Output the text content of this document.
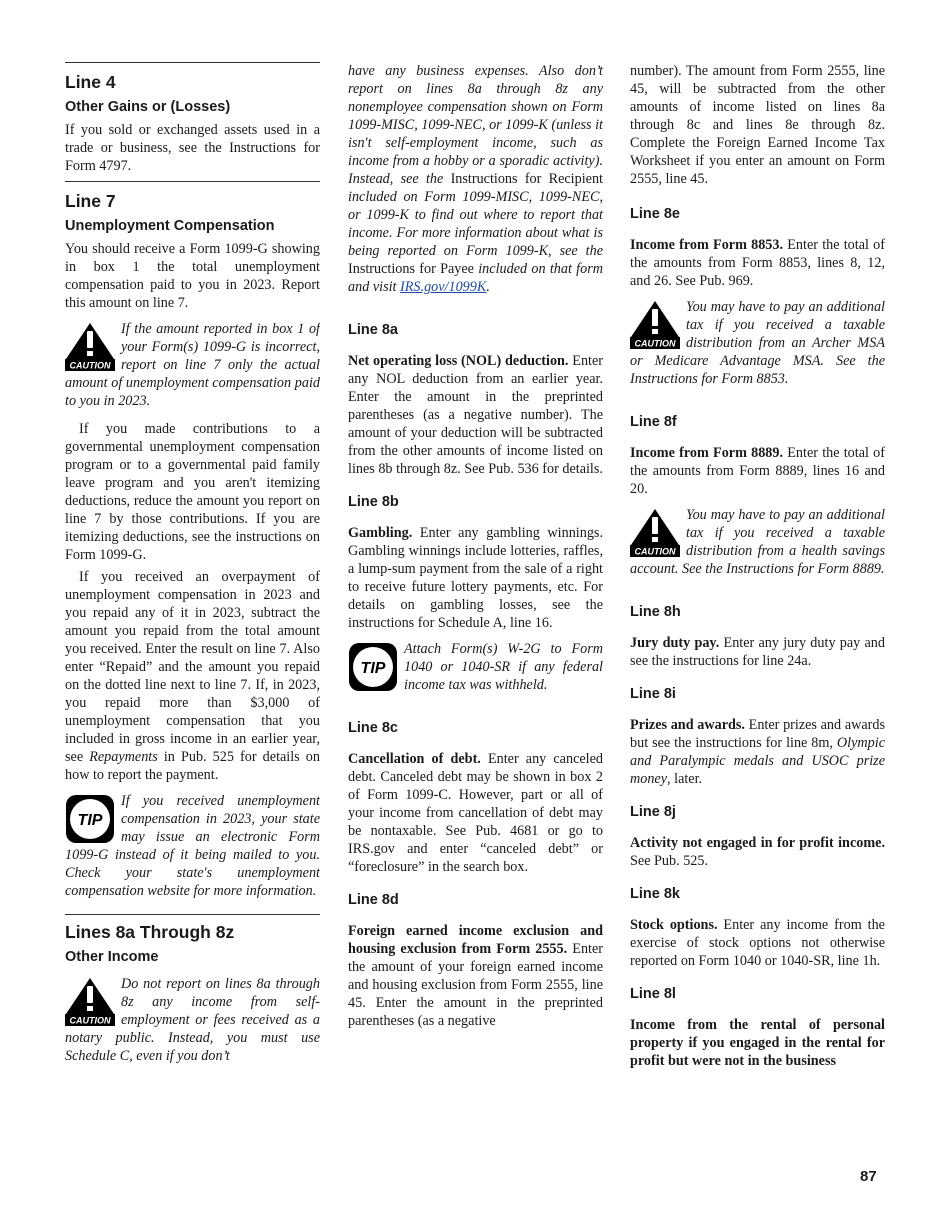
Line 4
Other Gains or (Losses)

If you sold or exchanged assets used in a trade or business, see the Instructions for Form 4797.

Line 7
Unemployment Compensation

You should receive a Form 1099-G showing in box 1 the total unemployment compensation paid to you in 2023. Report this amount on line 7.

If the amount reported in box 1 of your Form(s) 1099-G is incorrect, report on line 7 only the actual amount of unemployment compensation paid to you in 2023.

If you made contributions to a governmental unemployment compensation program or to a governmental paid family leave program and you aren't itemizing deductions, reduce the amount you report on line 7 by those contributions. If you are itemizing deductions, see the instructions on Form 1099-G.

If you received an overpayment of unemployment compensation in 2023 and you repaid any of it in 2023, subtract the amount you repaid from the total amount you received. Enter the result on line 7. Also enter “Repaid” and the amount you repaid on the dotted line next to line 7. If, in 2023, you repaid more than $3,000 of unemployment compensation that you included in gross income in an earlier year, see Repayments in Pub. 525 for details on how to report the payment.

TIP
If you received unemployment compensation in 2023, your state may issue an electronic Form 1099-G instead of it being mailed to you. Check your state's unemployment compensation website for more information.
Lines 8a Through 8z
Other Income
Do not report on lines 8a through 8z any income from self-employment or fees received as a notary public. Instead, you must use Schedule C, even if you don’t

have any business expenses. Also don’t report on lines 8a through 8z any nonemployee compensation shown on Form 1099-MISC, 1099-NEC, or 1099-K (unless it isn't self-employment income, such as income from a hobby or a sporadic activity). Instead, see the Instructions for Recipient included on Form 1099-MISC, 1099-NEC, or 1099-K to find out where to report that income. For more information about what is being reported on Form 1099-K, see the Instructions for Payee included on that form and visit IRS.gov/1099K.

Line 8a

Net operating loss (NOL) deduction. Enter any NOL deduction from an earlier year. Enter the amount in the preprinted parentheses (as a negative number). The amount of your deduction will be subtracted from the other amounts of income listed on lines 8b through 8z. See Pub. 536 for details.

Line 8b

Gambling. Enter any gambling winnings. Gambling winnings include lotteries, raffles, a lump-sum payment from the sale of a right to receive future lottery payments, etc. For details on gambling losses, see the instructions for Schedule A, line 16.

TIP
Attach Form(s) W-2G to Form 1040 or 1040-SR if any federal income tax was withheld.
Line 8c

Cancellation of debt. Enter any canceled debt. Canceled debt may be shown in box 2 of Form 1099-C. However, part or all of your income from cancellation of debt may be nontaxable. See Pub. 4681 or go to IRS.gov and enter “canceled debt” or “foreclosure” in the search box.

Line 8d

Foreign earned income exclusion and housing exclusion from Form 2555. Enter the amount of your foreign earned income and housing exclusion from Form 2555, line 45. Enter the amount in the preprinted parentheses (as a negative

number). The amount from Form 2555, line 45, will be subtracted from the other amounts of income listed on lines 8a through 8c and lines 8e through 8z. Complete the Foreign Earned Income Tax Worksheet if you enter an amount on Form 2555, line 45.

Line 8e

Income from Form 8853. Enter the total of the amounts from Form 8853, lines 8, 12, and 26. See Pub. 969.

You may have to pay an additional tax if you received a taxable distribution from an Archer MSA or Medicare Advantage MSA. See the Instructions for Form 8853.
Line 8f

Income from Form 8889. Enter the total of the amounts from Form 8889, lines 16 and 20.

You may have to pay an additional tax if you received a taxable distribution from a health savings account. See the Instructions for Form 8889.
Line 8h

Jury duty pay. Enter any jury duty pay and see the instructions for line 24a.

Line 8i

Prizes and awards. Enter prizes and awards but see the instructions for line 8m, Olympic and Paralympic medals and USOC prize money, later.

Line 8j

Activity not engaged in for profit income. See Pub. 525.

Line 8k

Stock options. Enter any income from the exercise of stock options not otherwise reported on Form 1040 or 1040-SR, line 1h.

Line 8l

Income from the rental of personal property if you engaged in the rental for profit but were not in the business

87
